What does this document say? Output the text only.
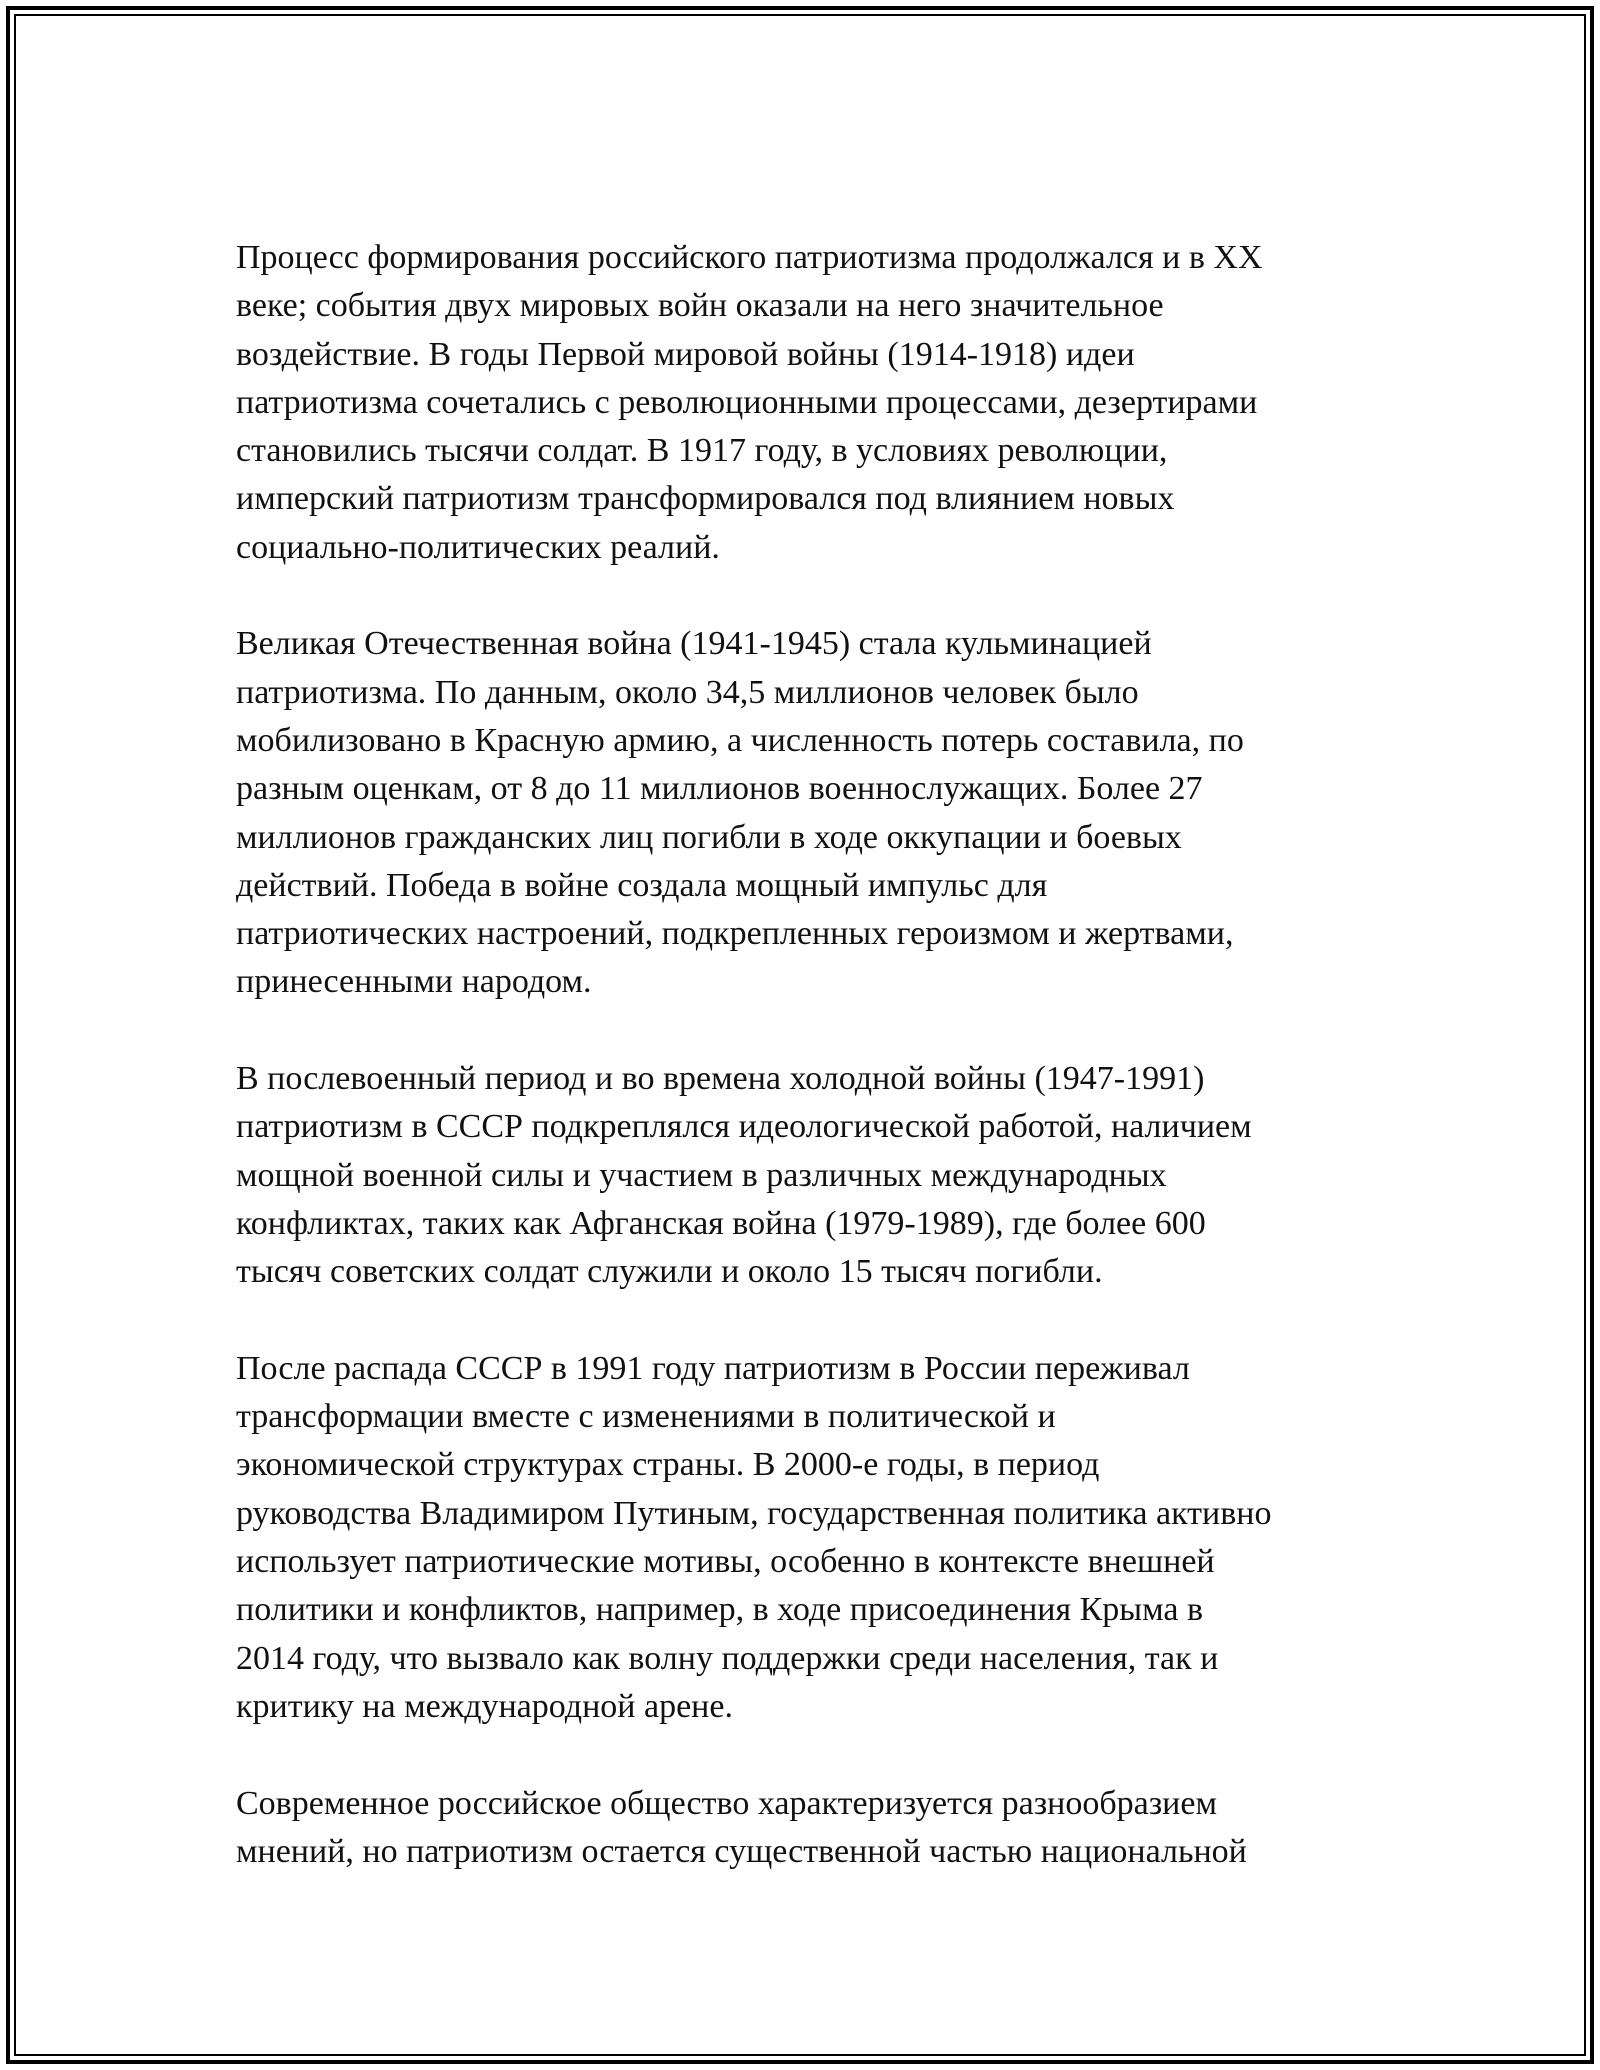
Процесс формирования российского патриотизма продолжался и в XX
веке; события двух мировых войн оказали на него значительное
воздействие. В годы Первой мировой войны (1914-1918) идеи
патриотизма сочетались с революционными процессами, дезертирами
становились тысячи солдат. В 1917 году, в условиях революции,
имперский патриотизм трансформировался под влиянием новых
социально-политических реалий.

Великая Отечественная война (1941-1945) стала кульминацией
патриотизма. По данным, около 34,5 миллионов человек было
мобилизовано в Красную армию, а численность потерь составила, по
разным оценкам, от 8 до 11 миллионов военнослужащих. Более 27
миллионов гражданских лиц погибли в ходе оккупации и боевых
действий. Победа в войне создала мощный импульс для
патриотических настроений, подкрепленных героизмом и жертвами,
принесенными народом.

В послевоенный период и во времена холодной войны (1947-1991)
патриотизм в СССР подкреплялся идеологической работой, наличием
мощной военной силы и участием в различных международных
конфликтах, таких как Афганская война (1979-1989), где более 600
тысяч советских солдат служили и около 15 тысяч погибли.

После распада СССР в 1991 году патриотизм в России переживал
трансформации вместе с изменениями в политической и
экономической структурах страны. В 2000-е годы, в период
руководства Владимиром Путиным, государственная политика активно
использует патриотические мотивы, особенно в контексте внешней
политики и конфликтов, например, в ходе присоединения Крыма в
2014 году, что вызвало как волну поддержки среди населения, так и
критику на международной арене.

Современное российское общество характеризуется разнообразием
мнений, но патриотизм остается существенной частью национальной
